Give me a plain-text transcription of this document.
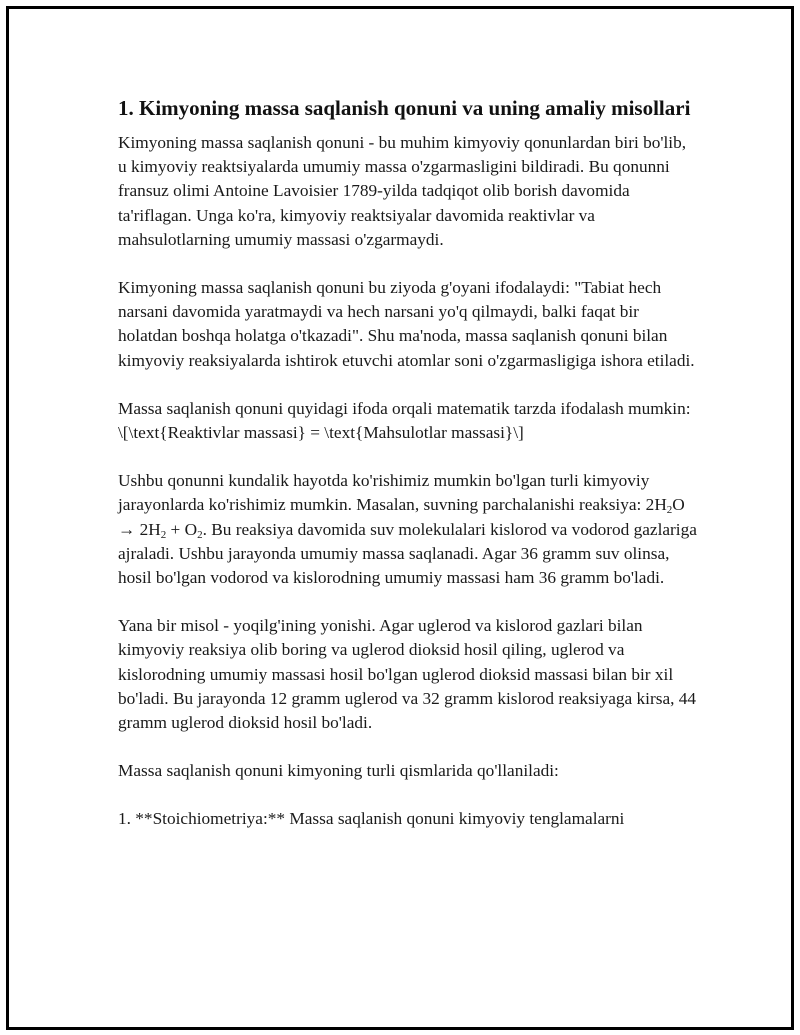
1. Kimyoning massa saqlanish qonuni va uning amaliy misollari

Kimyoning massa saqlanish qonuni - bu muhim kimyoviy qonunlardan biri bo'lib, u kimyoviy reaktsiyalarda umumiy massa o'zgarmasligini bildiradi. Bu qonunni fransuz olimi Antoine Lavoisier 1789-yilda tadqiqot olib borish davomida ta'riflagan. Unga ko'ra, kimyoviy reaktsiyalar davomida reaktivlar va mahsulotlarning umumiy massasi o'zgarmaydi.

Kimyoning massa saqlanish qonuni bu ziyoda g'oyani ifodalaydi: "Tabiat hech narsani davomida yaratmaydi va hech narsani yo'q qilmaydi, balki faqat bir holatdan boshqa holatga o'tkazadi". Shu ma'noda, massa saqlanish qonuni bilan kimyoviy reaksiyalarda ishtirok etuvchi atomlar soni o'zgarmasligiga ishora etiladi.

Massa saqlanish qonuni quyidagi ifoda orqali matematik tarzda ifodalash mumkin:
\[\text{Reaktivlar massasi} = \text{Mahsulotlar massasi}\]

Ushbu qonunni kundalik hayotda ko'rishimiz mumkin bo'lgan turli kimyoviy jarayonlarda ko'rishimiz mumkin. Masalan, suvning parchalanishi reaksiya: $2H_2O \to 2H_2 + O_2$. Bu reaksiya davomida suv molekulalari kislorod va vodorod gazlariga ajraladi. Ushbu jarayonda umumiy massa saqlanadi. Agar 36 gramm suv olinsa, hosil bo'lgan vodorod va kislorodning umumiy massasi ham 36 gramm bo'ladi.

Yana bir misol - yoqilg'ining yonishi. Agar uglerod va kislorod gazlari bilan kimyoviy reaksiya olib boring va uglerod dioksid hosil qiling, uglerod va kislorodning umumiy massasi hosil bo'lgan uglerod dioksid massasi bilan bir xil bo'ladi. Bu jarayonda 12 gramm uglerod va 32 gramm kislorod reaksiyaga kirsa, 44 gramm uglerod dioksid hosil bo'ladi.

Massa saqlanish qonuni kimyoning turli qismlarida qo'llaniladi:

1. **Stoichiometriya:** Massa saqlanish qonuni kimyoviy tenglamalarni
